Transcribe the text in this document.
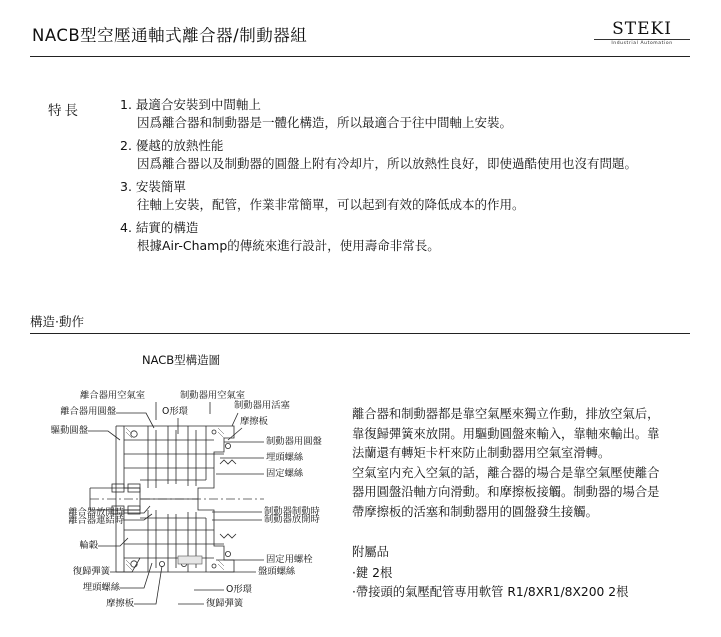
NACB型空壓通軸式離合器/制動器組	STEKI
Industrial Automation
特長	1. 最適合安裝到中間軸上
因爲離合器和制動器是一體化構造，所以最適合于往中間軸上安裝。
2. 優越的放熱性能
因爲離合器以及制動器的圓盤上附有冷却片，所以放熱性良好，即使過酷使用也沒有問題。
3. 安裝簡單
往軸上安裝，配管，作業非常簡單，可以起到有效的降低成本的作用。
4. 結實的構造
根據Air-Champ的傳統來進行設計，使用壽命非常長。
構造·動作
NACB型構造圖

離合器和制動器都是靠空氣壓來獨立作動，排放空氣后，

靠復歸彈簧來放開。用驅動圓盤來輸入，靠軸來輸出。靠

法蘭還有轉矩卡杆來防止制動器用空氣室滑轉。

空氣室内充入空氣的話，離合器的場合是靠空氣壓使離合

器用圓盤沿軸方向滑動。和摩擦板接觸。制動器的場合是

帶摩擦板的活塞和制動器用的圓盤發生接觸。

附屬品
·鍵 2根
·帶接頭的氣壓配管専用軟管 R1/8XR1/8X200 2根
離合器用圓盤
驅動圓盤
離合器放開時
離合器連結時
輪轂
復歸彈簧
埋頭螺絲
摩擦板
離合器用空氣室	制動器用空氣室
O形環
制動器用活塞
摩擦板
制動器用圓盤
埋頭螺絲
固定螺絲
制動器制動時
制動器放開時
固定用螺栓
盤頭螺絲
O形環
復歸彈簧
